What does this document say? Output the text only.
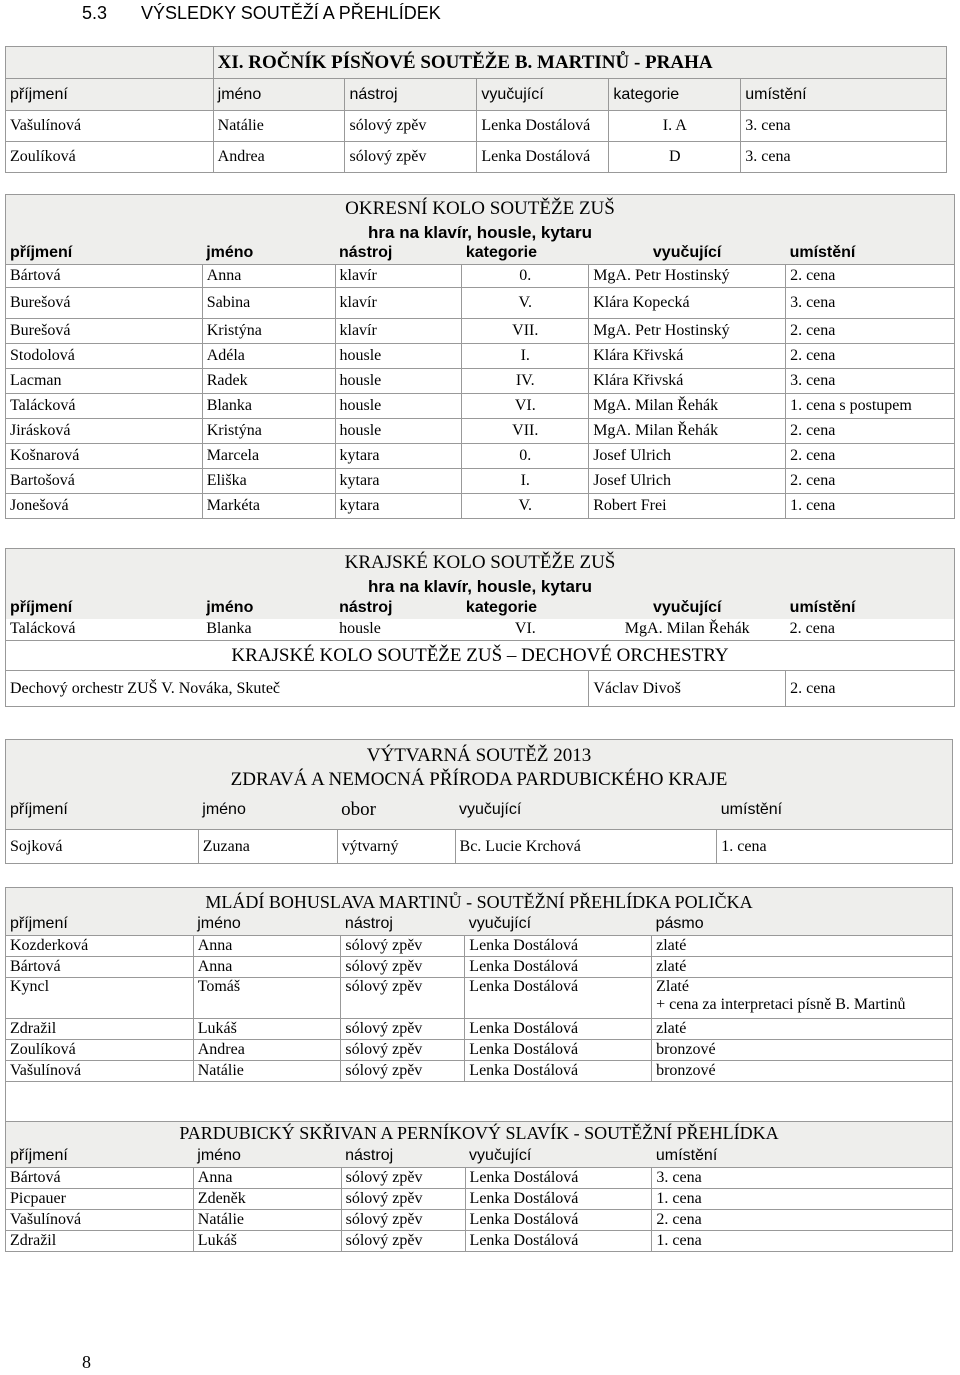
5.3 VÝSLEDKY SOUTĚŽÍ A PŘEHLÍDEK
	XI. ROČNÍK PÍSŇOVÉ SOUTĚŽE B. MARTINŮ - PRAHA				
příjmení	jméno	nástroj	vyučující	kategorie	umístění
Vašulínová	Natálie	sólový zpěv	Lenka Dostálová	I. A	3. cena
Zoulíková	Andrea	sólový zpěv	Lenka Dostálová	D	3. cena
OKRESNÍ KOLO SOUTĚŽE ZUŠ					
hra na klavír, housle, kytaru					
příjmení	jméno	nástroj	kategorie	vyučující	umístění
Bártová	Anna	klavír	0.	MgA. Petr Hostinský	2. cena
Burešová	Sabina	klavír	V.	Klára Kopecká	3. cena
Burešová	Kristýna	klavír	VII.	MgA. Petr Hostinský	2. cena
Stodolová	Adéla	housle	I.	Klára Křivská	2. cena
Lacman	Radek	housle	IV.	Klára Křivská	3. cena
Talácková	Blanka	housle	VI.	MgA. Milan Řehák	1. cena s postupem
Jirásková	Kristýna	housle	VII.	MgA. Milan Řehák	2. cena
Košnarová	Marcela	kytara	0.	Josef Ulrich	2. cena
Bartošová	Eliška	kytara	I.	Josef Ulrich	2. cena
Jonešová	Markéta	kytara	V.	Robert Frei	1. cena
KRAJSKÉ KOLO SOUTĚŽE ZUŠ					
hra na klavír, housle, kytaru					
příjmení	jméno	nástroj	kategorie	vyučující	umístění
Talácková	Blanka	housle	VI.	MgA. Milan Řehák	2. cena
KRAJSKÉ KOLO SOUTĚŽE ZUŠ – DECHOVÉ ORCHESTRY					
Dechový orchestr ZUŠ V. Nováka, Skuteč				Václav Divoš	2. cena
VÝTVARNÁ SOUTĚŽ 2013				
ZDRAVÁ A NEMOCNÁ PŘÍRODA PARDUBICKÉHO KRAJE				
příjmení	jméno	obor	vyučující	umístění
Sojková	Zuzana	výtvarný	Bc. Lucie Krchová	1. cena
MLÁDÍ BOHUSLAVA MARTINŮ - SOUTĚŽNÍ PŘEHLÍDKA POLIČKA				
příjmení	jméno	nástroj	vyučující	pásmo
Kozderková	Anna	sólový zpěv	Lenka Dostálová	zlaté
Bártová	Anna	sólový zpěv	Lenka Dostálová	zlaté
Kyncl	Tomáš	sólový zpěv	Lenka Dostálová	Zlaté
+ cena za interpretaci písně B. Martinů

Zdražil	Lukáš	sólový zpěv	Lenka Dostálová	zlaté
Zoulíková	Andrea	sólový zpěv	Lenka Dostálová	bronzové
Vašulínová	Natálie	sólový zpěv	Lenka Dostálová	bronzové

PARDUBICKÝ SKŘIVAN A PERNÍKOVÝ SLAVÍK - SOUTĚŽNÍ PŘEHLÍDKA				
příjmení	jméno	nástroj	vyučující	umístění
Bártová	Anna	sólový zpěv	Lenka Dostálová	3. cena
Picpauer	Zdeněk	sólový zpěv	Lenka Dostálová	1. cena
Vašulínová	Natálie	sólový zpěv	Lenka Dostálová	2. cena
Zdražil	Lukáš	sólový zpěv	Lenka Dostálová	1. cena
8
